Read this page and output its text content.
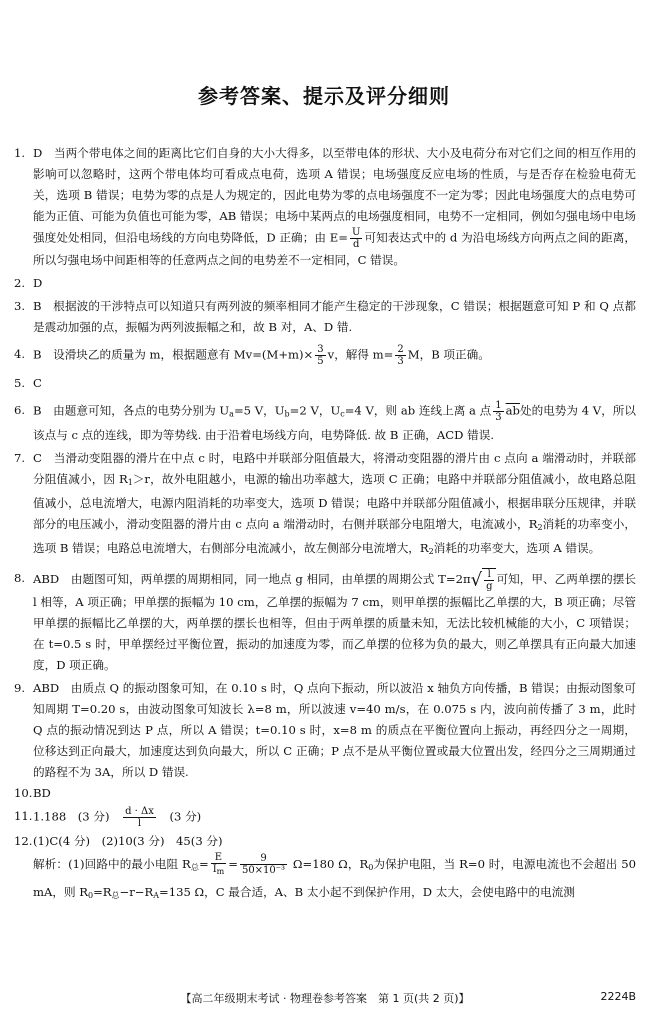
参考答案、提示及评分细则
1. D　当两个带电体之间的距离比它们自身的大小大得多，以至带电体的形状、大小及电荷分布对它们之间的相互作用的影响可以忽略时，这两个带电体均可看成点电荷，选项 A 错误；电场强度反应电场的性质，与是否存在检验电荷无关，选项 B 错误；电势为零的点是人为规定的，因此电势为零的点电场强度不一定为零；因此电场强度大的点电势可能为正值、可能为负值也可能为零，AB 错误；电场中某两点的电场强度相同，电势不一定相同，例如匀强电场中电场强度处处相同，但沿电场线的方向电势降低，D 正确；由 $E= \frac{U}{d}$ 可知表达式中的 d 为沿电场线方向两点之间的距离，所以匀强电场中间距相等的任意两点之间的电势差不一定相同，C 错误。
2. D
3. B　根据波的干涉特点可以知道只有两列波的频率相同才能产生稳定的干涉现象，C 错误；根据题意可知 P 和 Q 点都是震动加强的点，振幅为两列波振幅之和，故 B 对，A、D 错.
4. B　设滑块乙的质量为 m，根据题意有 $Mv=(M+m)\times \frac{3}{5}$ v，解得 $m= \frac{2}{3}$ M，B 项正确。
5. C
6. B　由题意可知，各点的电势分别为 $U_a=5$ V，$U_b=2$ V，$U_c=4$ V，则 ab 连线上离 a 点 $\frac{1}{3} \overline{ab}$处的电势为 4 V，所以该点与 c 点的连线，即为等势线. 由于沿着电场线方向，电势降低. 故 B 正确，ACD 错误.
7. C　当滑动变阻器的滑片在中点 c 时，电路中并联部分阻值最大，将滑动变阻器的滑片由 c 点向 a 端滑动时，并联部分阻值减小，因 $R_1>r$，故外电阻越小，电源的输出功率越大，选项 C 正确；电路中并联部分阻值减小，故电路总阻值减小，总电流增大，电源内阻消耗的功率变大，选项 D 错误；电路中并联部分阻值减小，根据串联分压规律，并联部分的电压减小，滑动变阻器的滑片由 c 点向 a 端滑动时，右侧并联部分电阻增大，电流减小，$R_2$消耗的功率变小，选项 B 错误；电路总电流增大，右侧部分电流减小，故左侧部分电流增大，$R_2$消耗的功率变大，选项 A 错误。
8. ABD　由题图可知，两单摆的周期相同，同一地点 g 相同，由单摆的周期公式 $T=2\pi√ \frac{l}{g}$ 可知，甲、乙两单摆的摆长 l 相等，A 项正确；甲单摆的振幅为 10 cm，乙单摆的振幅为 7 cm，则甲单摆的振幅比乙单摆的大，B 项正确；尽管甲单摆的振幅比乙单摆的大，两单摆的摆长也相等，但由于两单摆的质量未知，无法比较机械能的大小，C 项错误；在 t=0.5 s 时，甲单摆经过平衡位置，振动的加速度为零，而乙单摆的位移为负的最大，则乙单摆具有正向最大加速度，D 项正确。
9. ABD　由质点 Q 的振动图象可知，在 0.10 s 时，Q 点向下振动，所以波沿 x 轴负方向传播，B 错误；由振动图象可知周期 T=0.20 s，由波动图象可知波长 λ=8 m，所以波速 v=40 m/s，在 0.075 s 内，波向前传播了 3 m，此时 Q 点的振动情况到达 P 点，所以 A 错误；t=0.10 s 时，x=8 m 的质点在平衡位置向上振动，再经四分之一周期，位移达到正向最大，加速度达到负向最大，所以 C 正确；P 点不是从平衡位置或最大位置出发，经四分之三周期通过的路程不为 3A，所以 D 错误.
10. BD
11. 1.188　(3 分)　 $\frac{d \cdot \Delta x}{l}$ 　(3 分)
12. (1)C(4 分)　(2)10(3 分)　45(3 分)
解析：(1)回路中的最小电阻 $R_总= \frac{E}{I_m} = \frac{9}{\text{50×10⁻³}} \Omega=180$ Ω，$R_0$为保护电阻，当 R=0 时，电源电流也不会超出 50 mA，则 $R_0=R_总-r-R_A=135$ Ω，C 最合适，A、B 太小起不到保护作用，D 太大，会使电路中的电流测
【高二年级期末考试 · 物理卷参考答案　第 1 页(共 2 页)】	2224B
